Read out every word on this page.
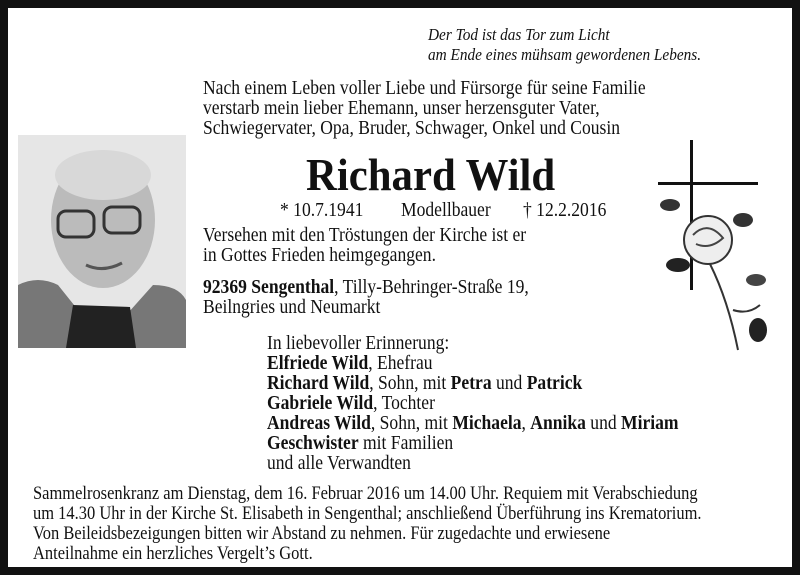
Der Tod ist das Tor zum Licht
am Ende eines mühsam gewordenen Lebens.
Nach einem Leben voller Liebe und Fürsorge für seine Familie
verstarb mein lieber Ehemann, unser herzensguter Vater,
Schwiegervater, Opa, Bruder, Schwager, Onkel und Cousin
Richard Wild
* 10.7.1941 Modellbauer † 12.2.2016
Versehen mit den Tröstungen der Kirche ist er
in Gottes Frieden heimgegangen.
92369 Sengenthal, Tilly-Behringer-Straße 19,
Beilngries und Neumarkt
In liebevoller Erinnerung:
Elfriede Wild, Ehefrau
Richard Wild, Sohn, mit Petra und Patrick
Gabriele Wild, Tochter
Andreas Wild, Sohn, mit Michaela, Annika und Miriam
Geschwister mit Familien
und alle Verwandten
Sammelrosenkranz am Dienstag, dem 16. Februar 2016 um 14.00 Uhr. Requiem mit Verabschiedung
um 14.30 Uhr in der Kirche St. Elisabeth in Sengenthal; anschließend Überführung ins Krematorium.
Von Beileidsbezeigungen bitten wir Abstand zu nehmen. Für zugedachte und erwiesene
Anteilnahme ein herzliches Vergelt’s Gott.
